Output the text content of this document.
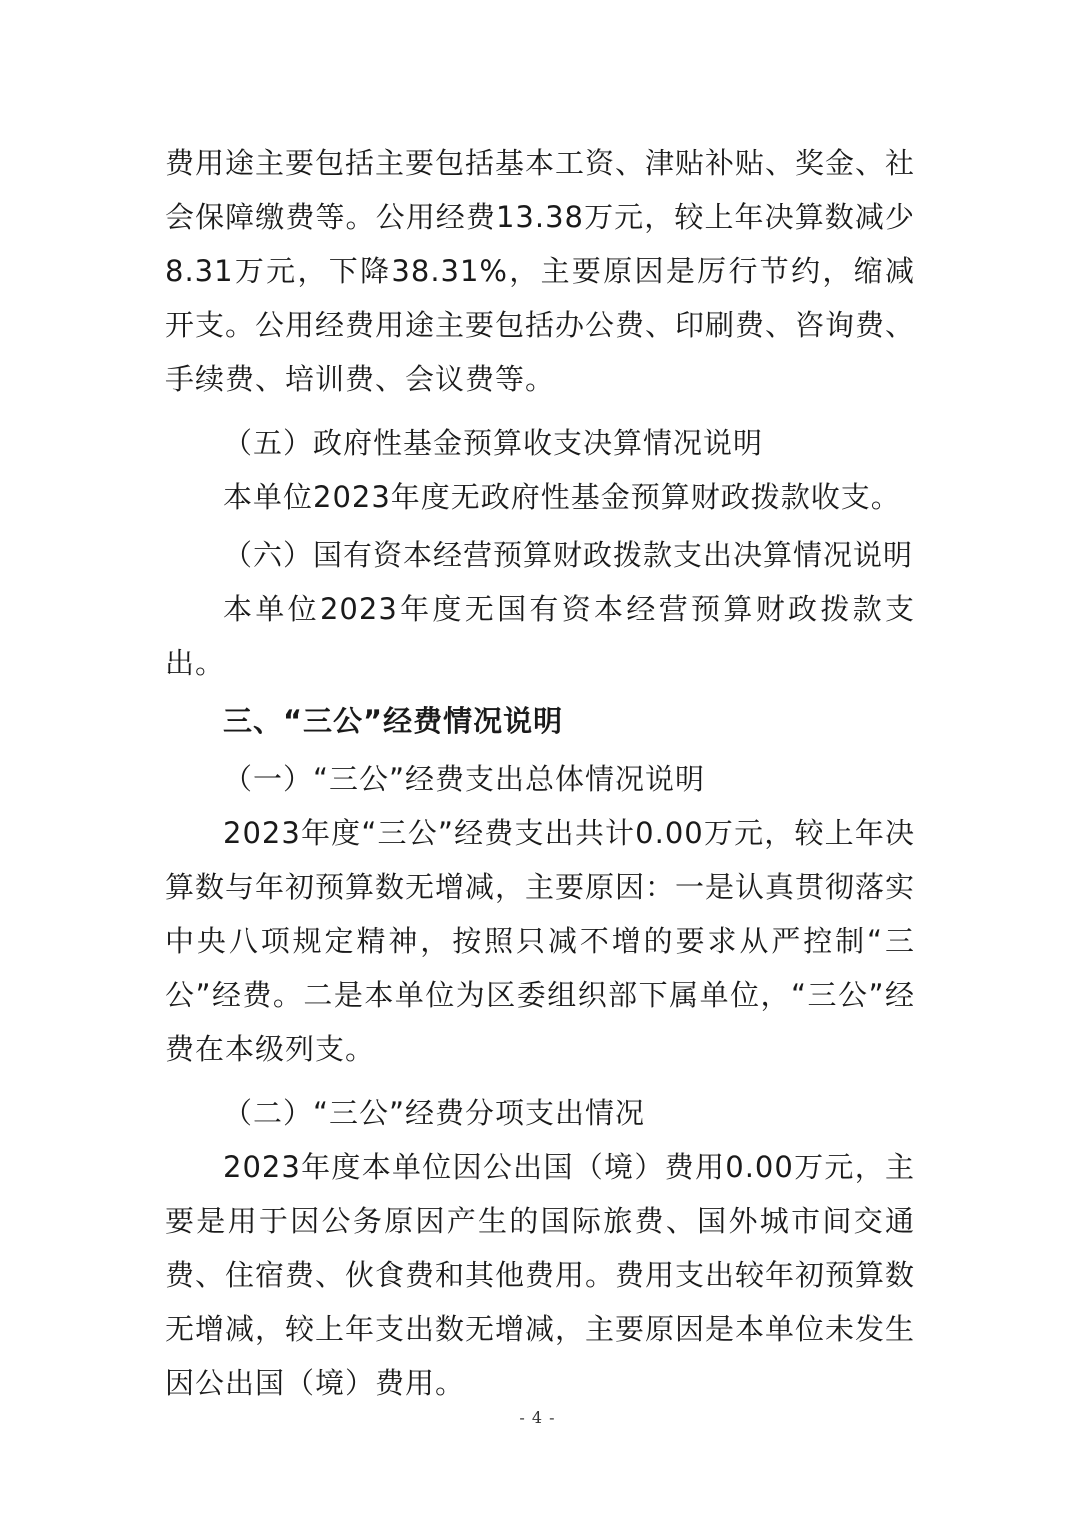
费用途主要包括主要包括基本工资、津贴补贴、奖金、社会保障缴费等。公用经费13.38万元，较上年决算数减少8.31万元，下降38.31%，主要原因是厉行节约，缩减开支。公用经费用途主要包括办公费、印刷费、咨询费、手续费、培训费、会议费等。

（五）政府性基金预算收支决算情况说明

本单位2023年度无政府性基金预算财政拨款收支。

（六）国有资本经营预算财政拨款支出决算情况说明

本单位2023年度无国有资本经营预算财政拨款支出。

三、“三公”经费情况说明

（一）“三公”经费支出总体情况说明

2023年度“三公”经费支出共计0.00万元，较上年决算数与年初预算数无增减，主要原因：一是认真贯彻落实中央八项规定精神，按照只减不增的要求从严控制“三公”经费。二是本单位为区委组织部下属单位，“三公”经费在本级列支。

（二）“三公”经费分项支出情况

2023年度本单位因公出国（境）费用0.00万元，主要是用于因公务原因产生的国际旅费、国外城市间交通费、住宿费、伙食费和其他费用。费用支出较年初预算数无增减，较上年支出数无增减，主要原因是本单位未发生因公出国（境）费用。

- 4 -
